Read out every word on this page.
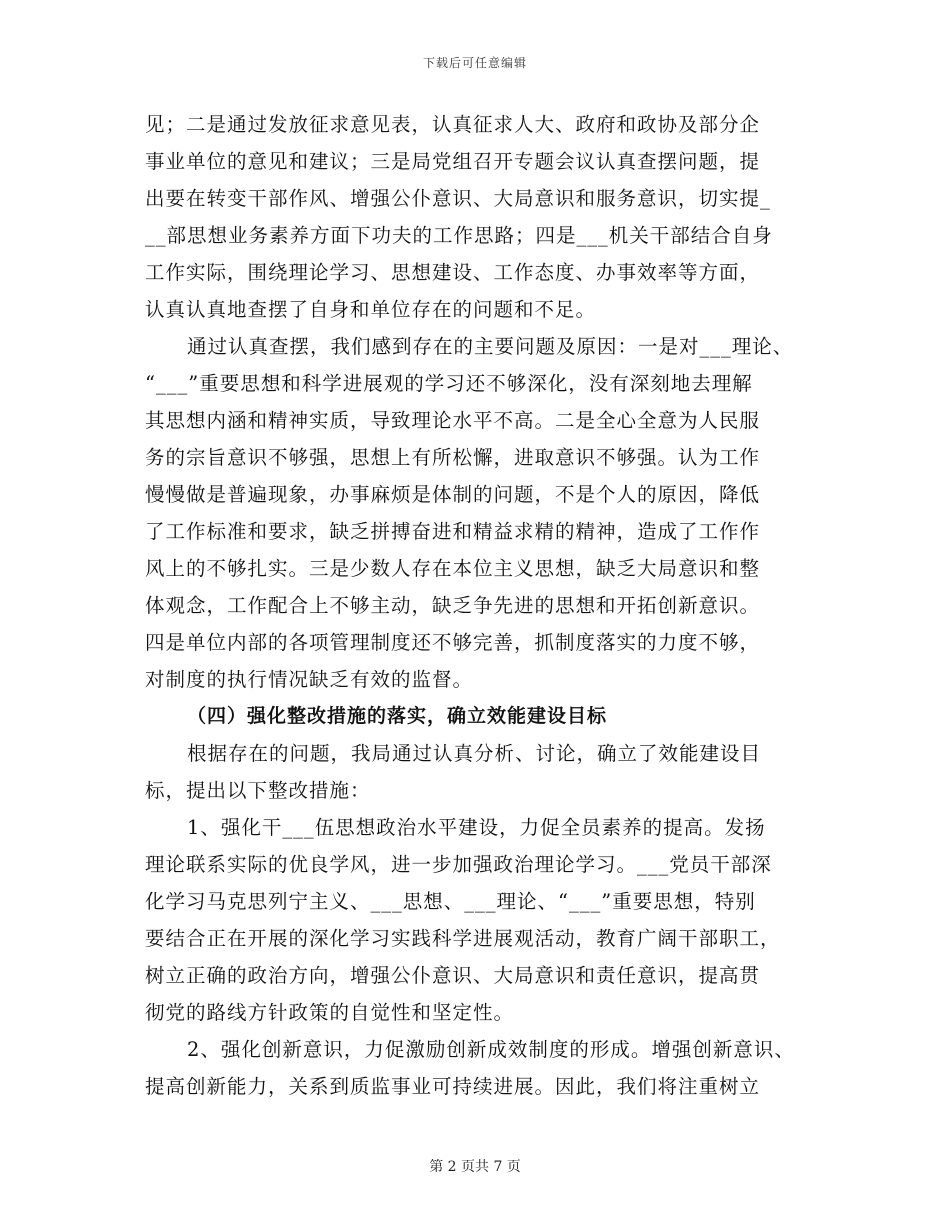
下载后可任意编辑
见；二是通过发放征求意见表，认真征求人大、政府和政协及部分企
事业单位的意见和建议；三是局党组召开专题会议认真查摆问题，提
出要在转变干部作风、增强公仆意识、大局意识和服务意识，切实提_
__部思想业务素养方面下功夫的工作思路；四是___机关干部结合自身
工作实际，围绕理论学习、思想建设、工作态度、办事效率等方面，
认真认真地查摆了自身和单位存在的问题和不足。
通过认真查摆，我们感到存在的主要问题及原因：一是对___理论、
“___”重要思想和科学进展观的学习还不够深化，没有深刻地去理解
其思想内涵和精神实质，导致理论水平不高。二是全心全意为人民服
务的宗旨意识不够强，思想上有所松懈，进取意识不够强。认为工作
慢慢做是普遍现象，办事麻烦是体制的问题，不是个人的原因，降低
了工作标准和要求，缺乏拼搏奋进和精益求精的精神，造成了工作作
风上的不够扎实。三是少数人存在本位主义思想，缺乏大局意识和整
体观念，工作配合上不够主动，缺乏争先进的思想和开拓创新意识。
四是单位内部的各项管理制度还不够完善，抓制度落实的力度不够，
对制度的执行情况缺乏有效的监督。
（四）强化整改措施的落实，确立效能建设目标
根据存在的问题，我局通过认真分析、讨论，确立了效能建设目
标，提出以下整改措施：
1、强化干___伍思想政治水平建设，力促全员素养的提高。发扬
理论联系实际的优良学风，进一步加强政治理论学习。___党员干部深
化学习马克思列宁主义、___思想、___理论、“___”重要思想，特别
要结合正在开展的深化学习实践科学进展观活动，教育广阔干部职工，
树立正确的政治方向，增强公仆意识、大局意识和责任意识，提高贯
彻党的路线方针政策的自觉性和坚定性。
2、强化创新意识，力促激励创新成效制度的形成。增强创新意识、
提高创新能力，关系到质监事业可持续进展。因此，我们将注重树立
第 2 页共 7 页
